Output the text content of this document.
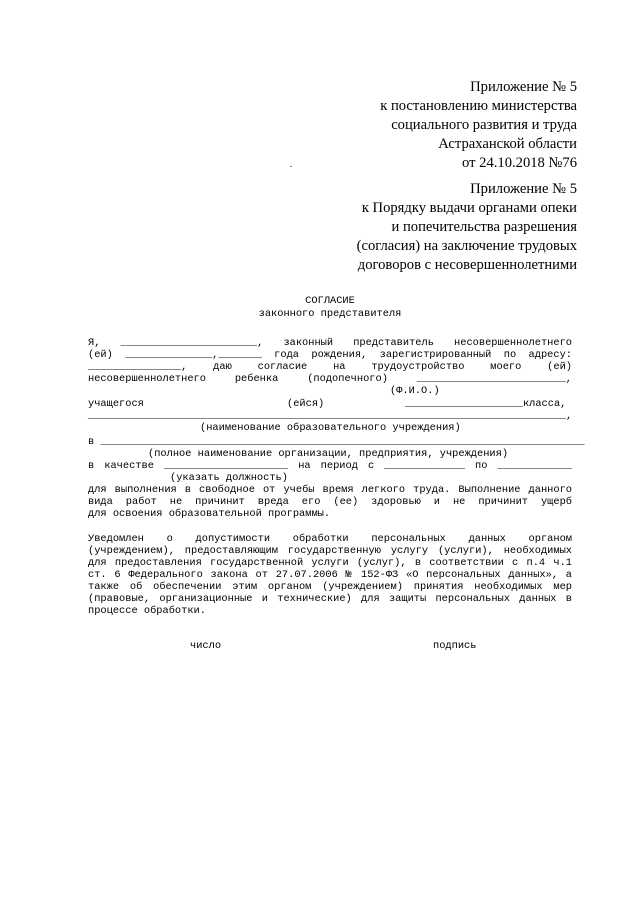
Приложение № 5
к постановлению министерства
социального развития и труда
Астраханской области
от 24.10.2018 №76
Приложение № 5
к Порядку выдачи органами опеки
и попечительства разрешения
(согласия) на заключение трудовых
договоров с несовершеннолетними
СОГЛАСИЕ
законного представителя
Я, ______________________, законный представитель несовершеннолетнего
(ей) ______________,_______ года рождения, зарегистрированный по адресу:
_______________, даю согласие на трудоустройство моего (ей)
несовершеннолетнего ребенка (подопечного) ________________________,
(Ф.И.О.)
учащегося	(ейся)	___________________класса,
_____________________________________________________________________________,
(наименование образовательного учреждения)
в ______________________________________________________________________________
(полное наименование организации, предприятия, учреждения)
в качестве ____________________ на период с _____________ по ____________
(указать должность)
для выполнения в свободное от учебы время легкого труда. Выполнение данного
вида работ не причинит вреда его (ее) здоровью и не причинит ущерб
для освоения образовательной программы.
Уведомлен о допустимости обработки персональных данных органом
(учреждением), предоставляющим государственную услугу (услуги), необходимых
для предоставления государственной услуги (услуг), в соответствии с п.4 ч.1
ст. 6 Федерального закона от 27.07.2006 № 152-ФЗ «О персональных данных», а
также об обеспечении этим органом (учреждением) принятия необходимых мер
(правовые, организационные и технические) для защиты персональных данных в
процессе обработки.
число	подпись
